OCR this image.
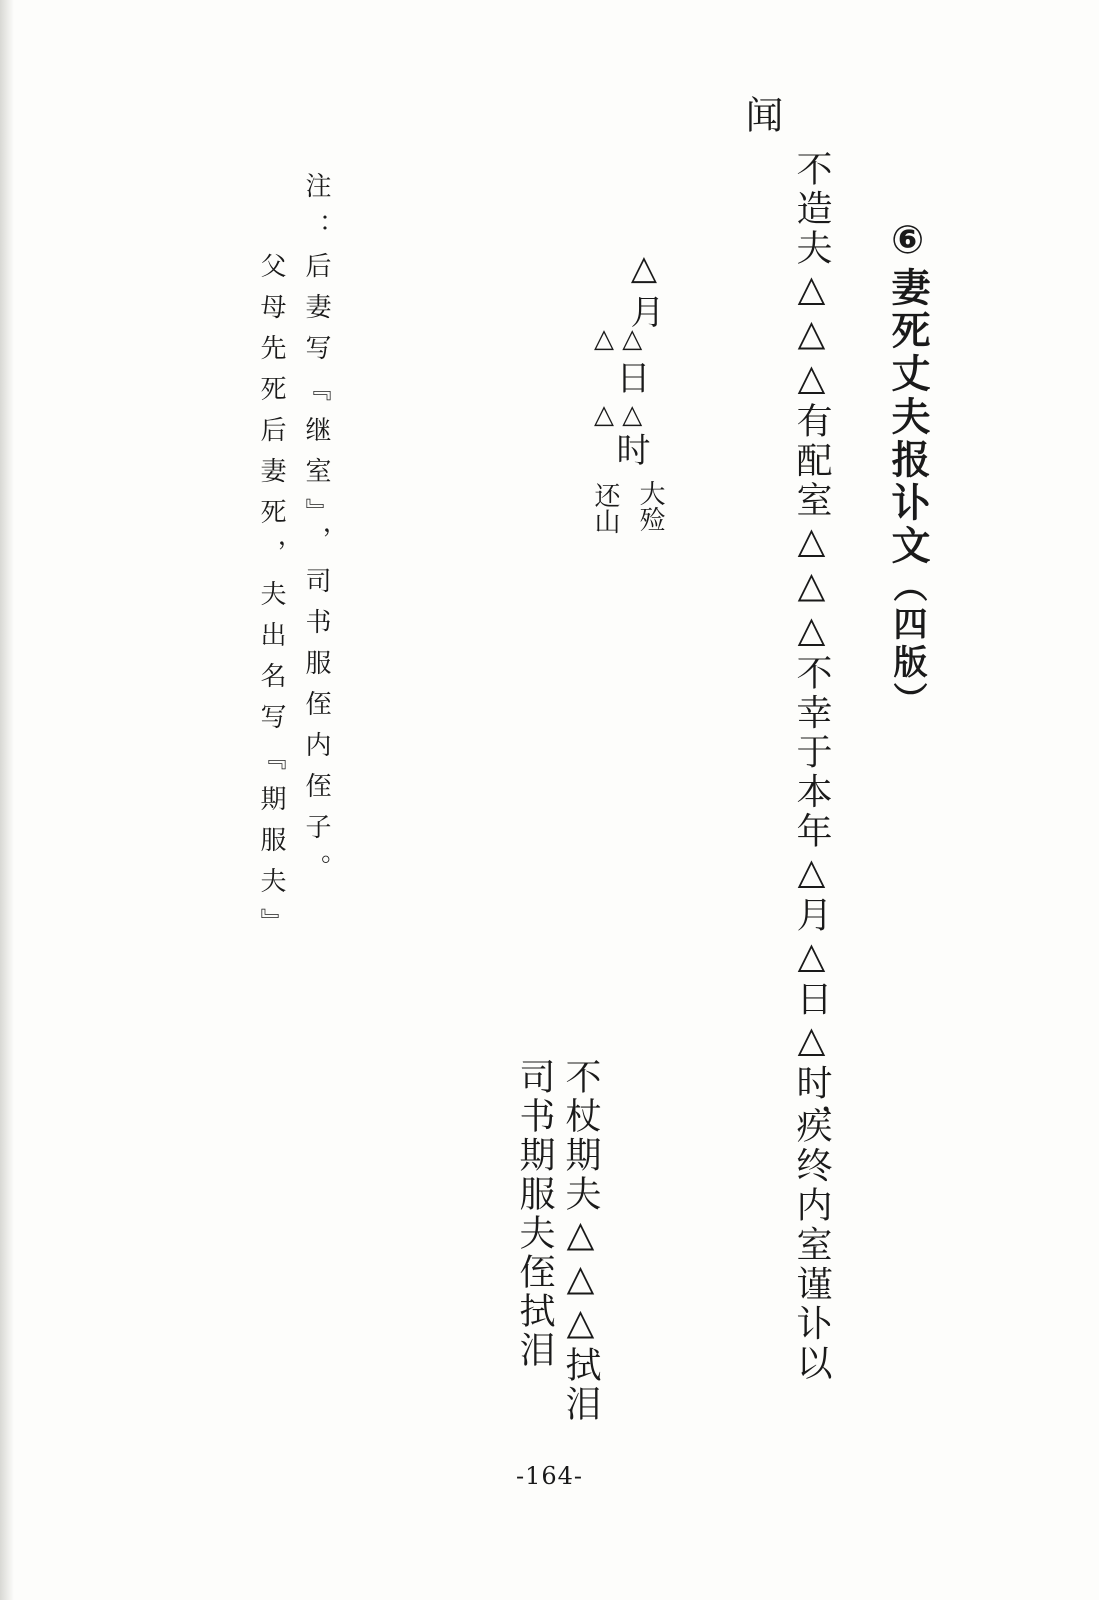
⑥妻死丈夫报讣文（四版）
闻
不造夫△△△有配室△△△不幸于本年△月△日△时，
疾终内室谨讣以
△月
△ △
日
△ △
时
大殓
还山
不杖期夫△△△拭泪
司书期服夫侄拭泪
注：
后妻写『继室』，司书服侄内侄子。
父母先死后妻死，夫出名写『期服夫』
-164-
